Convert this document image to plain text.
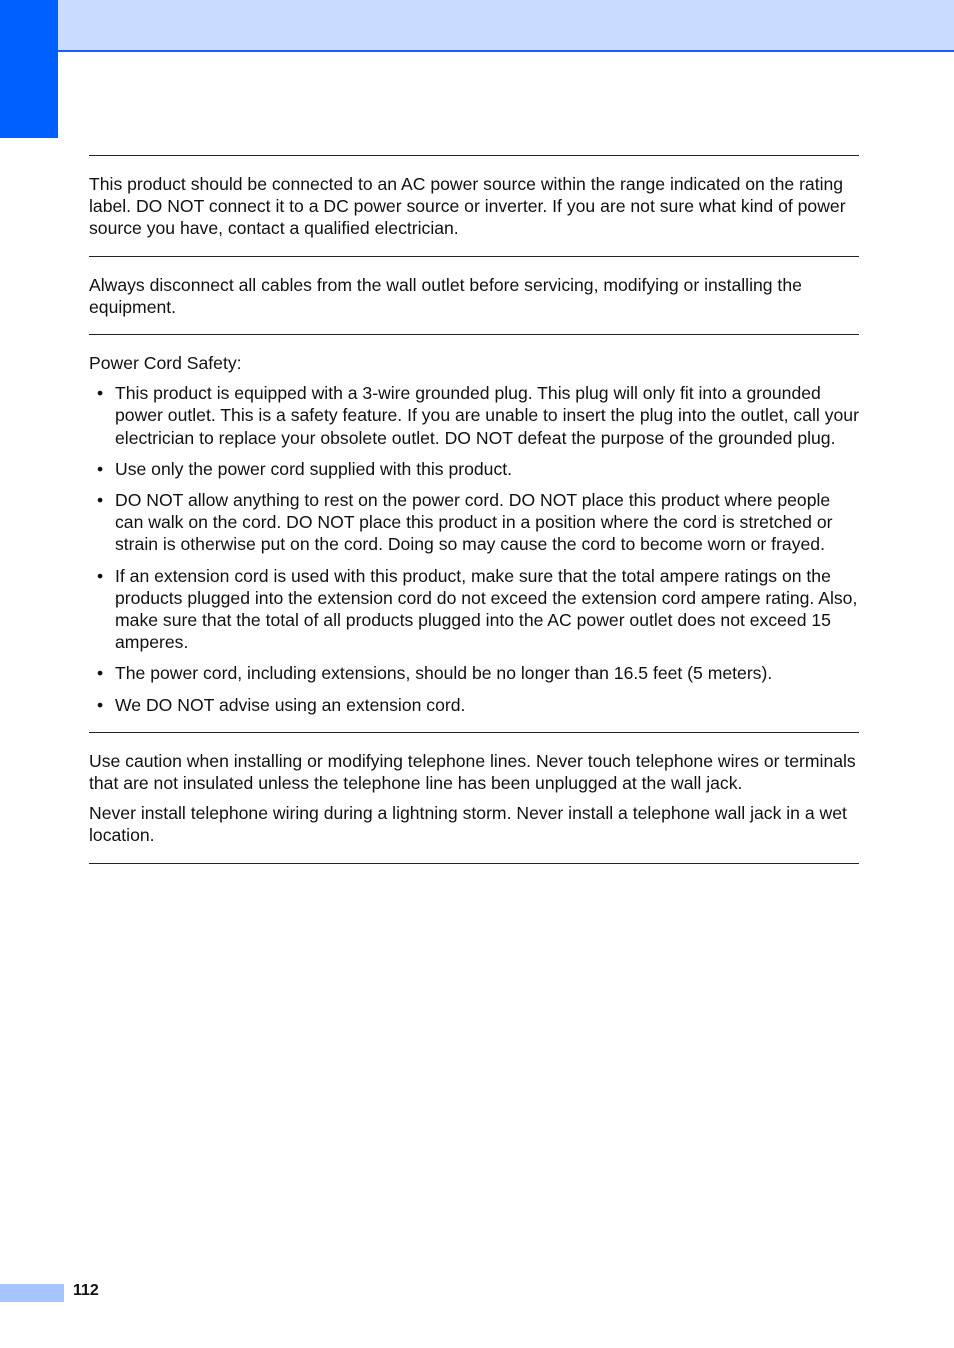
This product should be connected to an AC power source within the range indicated on the rating label. DO NOT connect it to a DC power source or inverter. If you are not sure what kind of power source you have, contact a qualified electrician.

Always disconnect all cables from the wall outlet before servicing, modifying or installing the equipment.

Power Cord Safety:

• This product is equipped with a 3-wire grounded plug. This plug will only fit into a grounded power outlet. This is a safety feature. If you are unable to insert the plug into the outlet, call your electrician to replace your obsolete outlet. DO NOT defeat the purpose of the grounded plug.
• Use only the power cord supplied with this product.
• DO NOT allow anything to rest on the power cord. DO NOT place this product where people can walk on the cord. DO NOT place this product in a position where the cord is stretched or strain is otherwise put on the cord. Doing so may cause the cord to become worn or frayed.
• If an extension cord is used with this product, make sure that the total ampere ratings on the products plugged into the extension cord do not exceed the extension cord ampere rating. Also, make sure that the total of all products plugged into the AC power outlet does not exceed 15 amperes.
• The power cord, including extensions, should be no longer than 16.5 feet (5 meters).
• We DO NOT advise using an extension cord.

Use caution when installing or modifying telephone lines. Never touch telephone wires or terminals that are not insulated unless the telephone line has been unplugged at the wall jack.

Never install telephone wiring during a lightning storm. Never install a telephone wall jack in a wet location.

112
